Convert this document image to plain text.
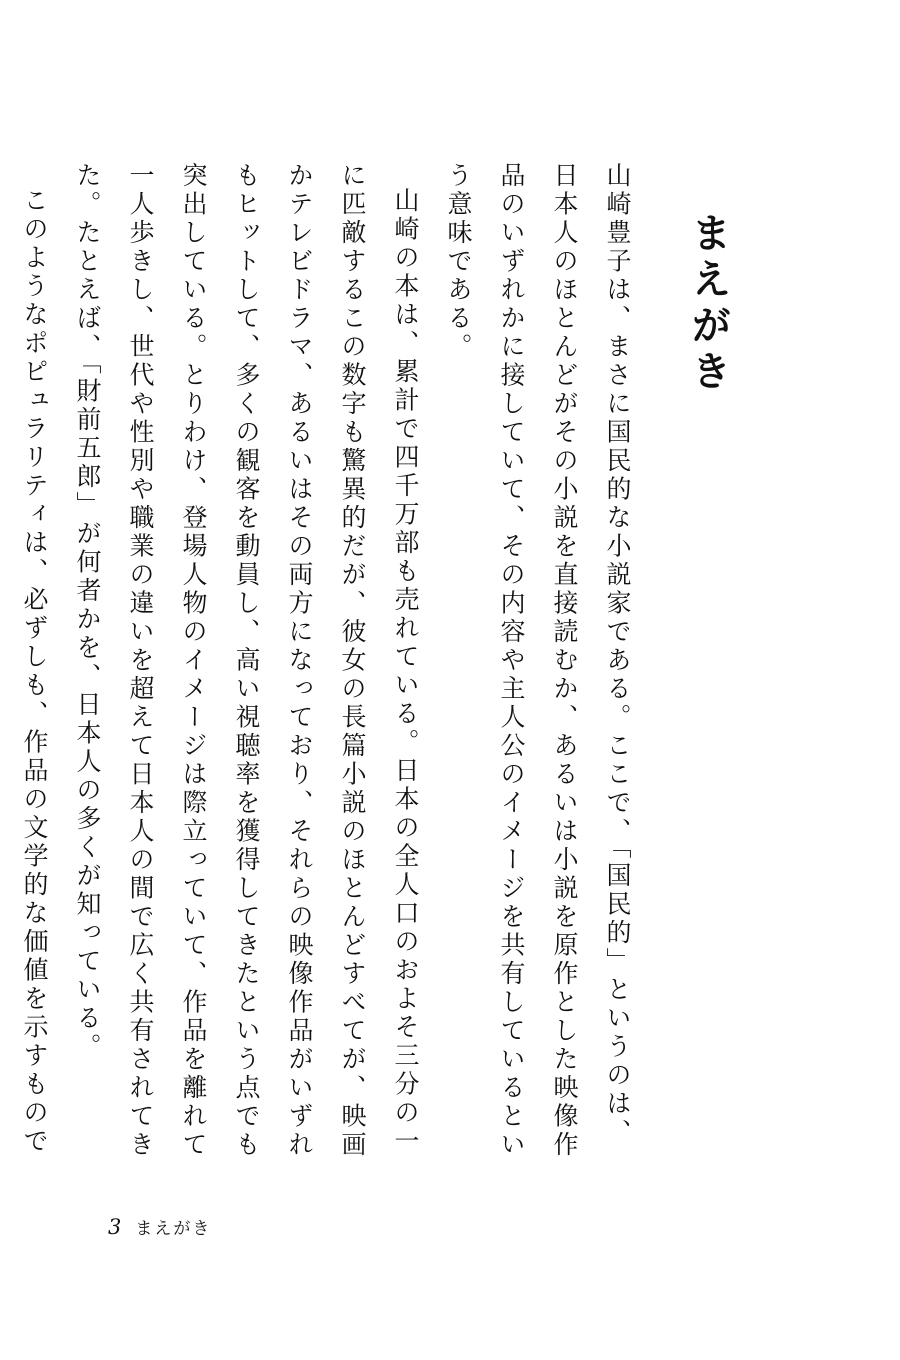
まえがき

山崎豊子は、まさに国民的な小説家である。ここで、「国民的」というのは、日本人のほとんどがその小説を直接読むか、あるいは小説を原作とした映像作品のいずれかに接していて、その内容や主人公のイメージを共有しているという意味である。

山崎の本は、累計で四千万部も売れている。日本の全人口のおよそ三分の一に匹敵するこの数字も驚異的だが、彼女の長篇小説のほとんどすべてが、映画かテレビドラマ、あるいはその両方になっており、それらの映像作品がいずれもヒットして、多くの観客を動員し、高い視聴率を獲得してきたという点でも突出している。とりわけ、登場人物のイメージは際立っていて、作品を離れて一人歩きし、世代や性別や職業の違いを超えて日本人の間で広く共有されてきた。たとえば、「財前五郎」が何者かを、日本人の多くが知っている。

このようなポピュラリティは、必ずしも、作品の文学的な価値を示すもので

3 まえがき
